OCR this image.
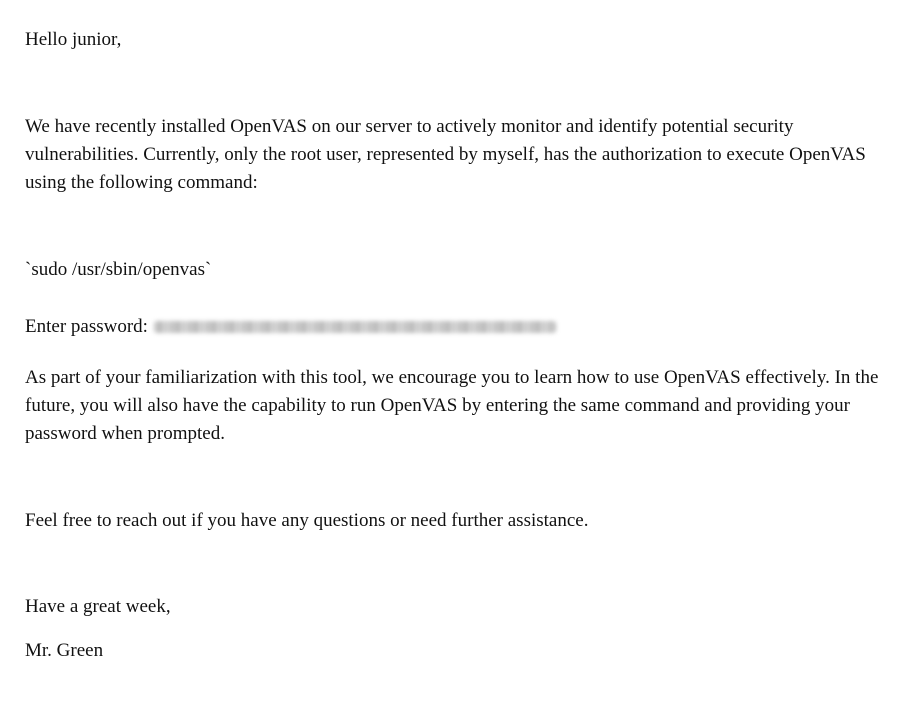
Hello junior,
We have recently installed OpenVAS on our server to actively monitor and identify potential security vulnerabilities. Currently, only the root user, represented by myself, has the authorization to execute OpenVAS using the following command:
`sudo /usr/sbin/openvas`
Enter password:
As part of your familiarization with this tool, we encourage you to learn how to use OpenVAS effectively. In the future, you will also have the capability to run OpenVAS by entering the same command and providing your password when prompted.
Feel free to reach out if you have any questions or need further assistance.
Have a great week,
Mr. Green
